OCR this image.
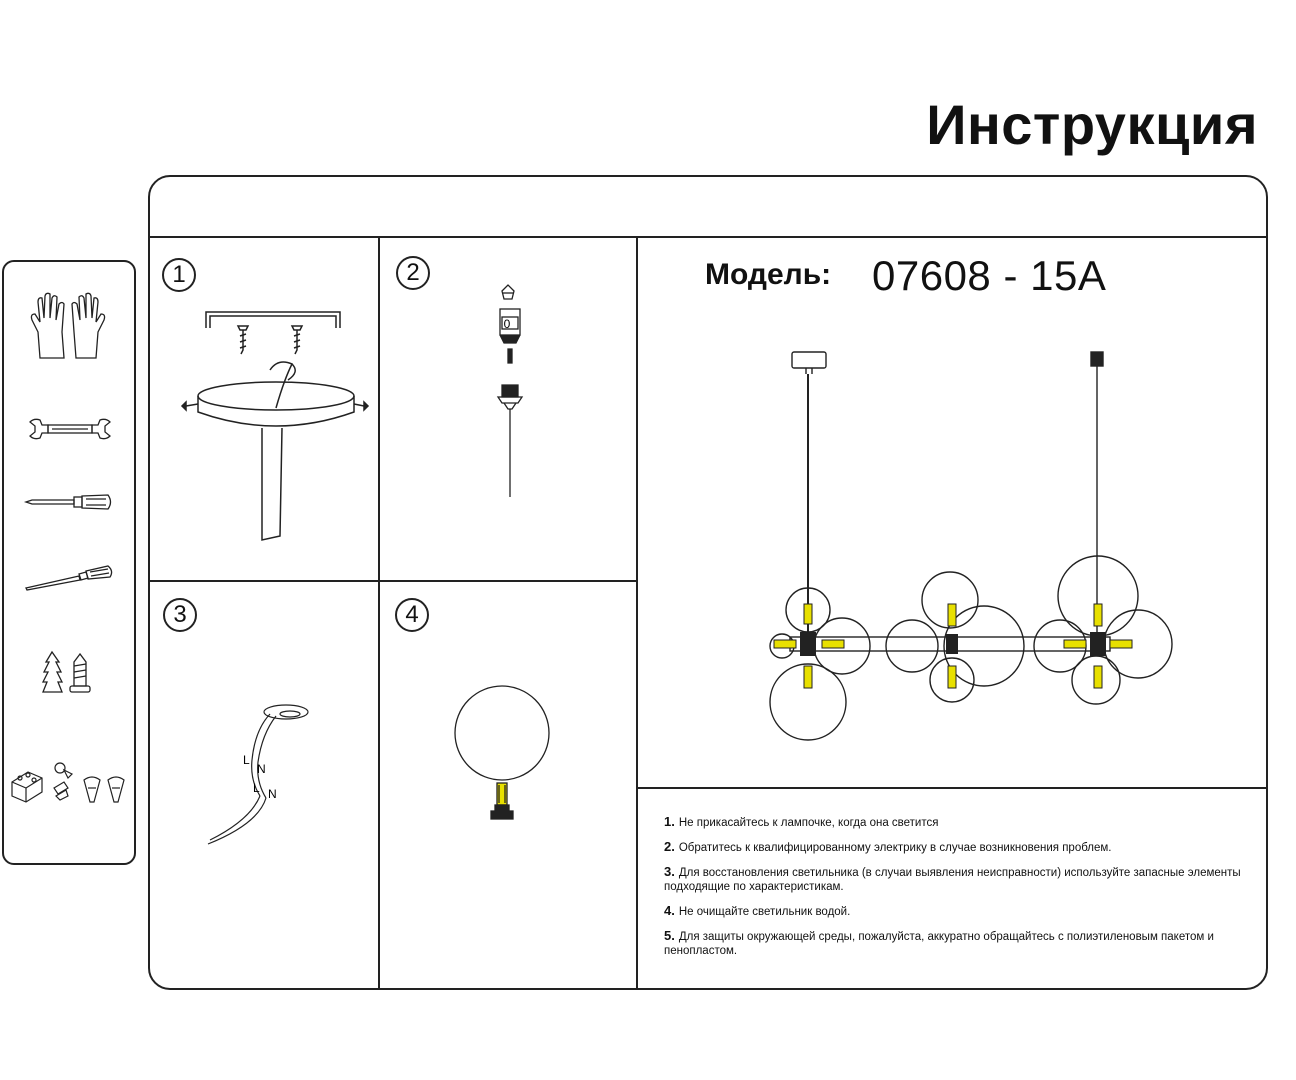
Инструкция
1	2
3	4
0
L
N
L N
Модель: 07608 - 15A
1. Не прикасайтесь к лампочке, когда она светится
2. Обратитесь к квалифицированному электрику в случае возникновения проблем.
3. Для восстановления светильника (в случаи выявления неисправности) используйте запасные элементы подходящие по характеристикам.
4. Не очищайте светильник водой.
5. Для защиты окружающей среды, пожалуйста, аккуратно обращайтесь с полиэтиленовым пакетом и пенопластом.
